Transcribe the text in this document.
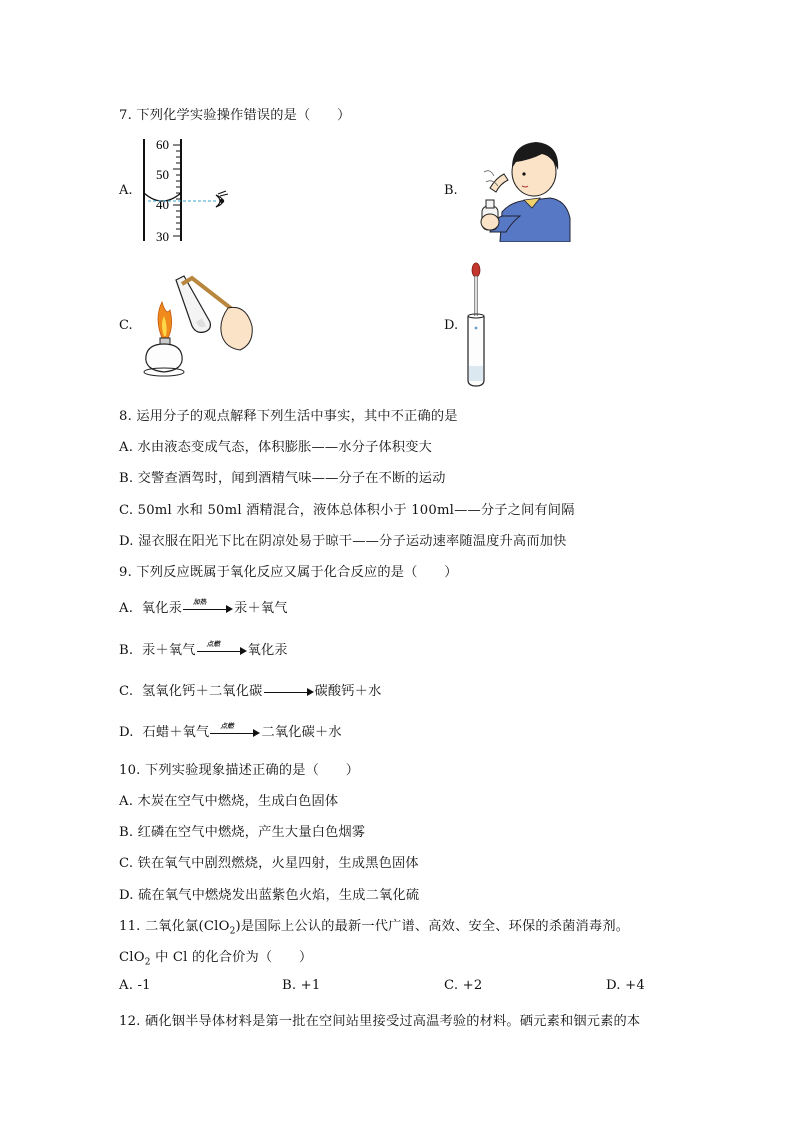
7. 下列化学实验操作错误的是（　　）
A.
60
50
40
30
B.
C.	D.
8. 运用分子的观点解释下列生活中事实，其中不正确的是
A. 水由液态变成气态，体积膨胀——水分子体积变大
B. 交警查酒驾时，闻到酒精气味——分子在不断的运动
C. 50ml 水和 50ml 酒精混合，液体总体积小于 100ml——分子之间有间隔
D. 湿衣服在阳光下比在阴凉处易于晾干——分子运动速率随温度升高而加快
9. 下列反应既属于氧化反应又属于化合反应的是（　　）
A. 氧化汞 加热 汞＋氧气
B. 汞＋氧气 点燃 氧化汞
C. 氢氧化钙＋二氧化碳	碳酸钙＋水
D. 石蜡＋氧气 点燃 二氧化碳＋水
10. 下列实验现象描述正确的是（　　）
A. 木炭在空气中燃烧，生成白色固体
B. 红磷在空气中燃烧，产生大量白色烟雾
C. 铁在氧气中剧烈燃烧，火星四射，生成黑色固体
D. 硫在氧气中燃烧发出蓝紫色火焰，生成二氧化硫
11. 二氧化氯(ClO$_2$)是国际上公认的最新一代广谱、高效、安全、环保的杀菌消毒剂。
ClO$_2$ 中 Cl 的化合价为（　　）
A. -1	B. +1	C. +2	D. +4
12. 硒化铟半导体材料是第一批在空间站里接受过高温考验的材料。硒元素和铟元素的本
